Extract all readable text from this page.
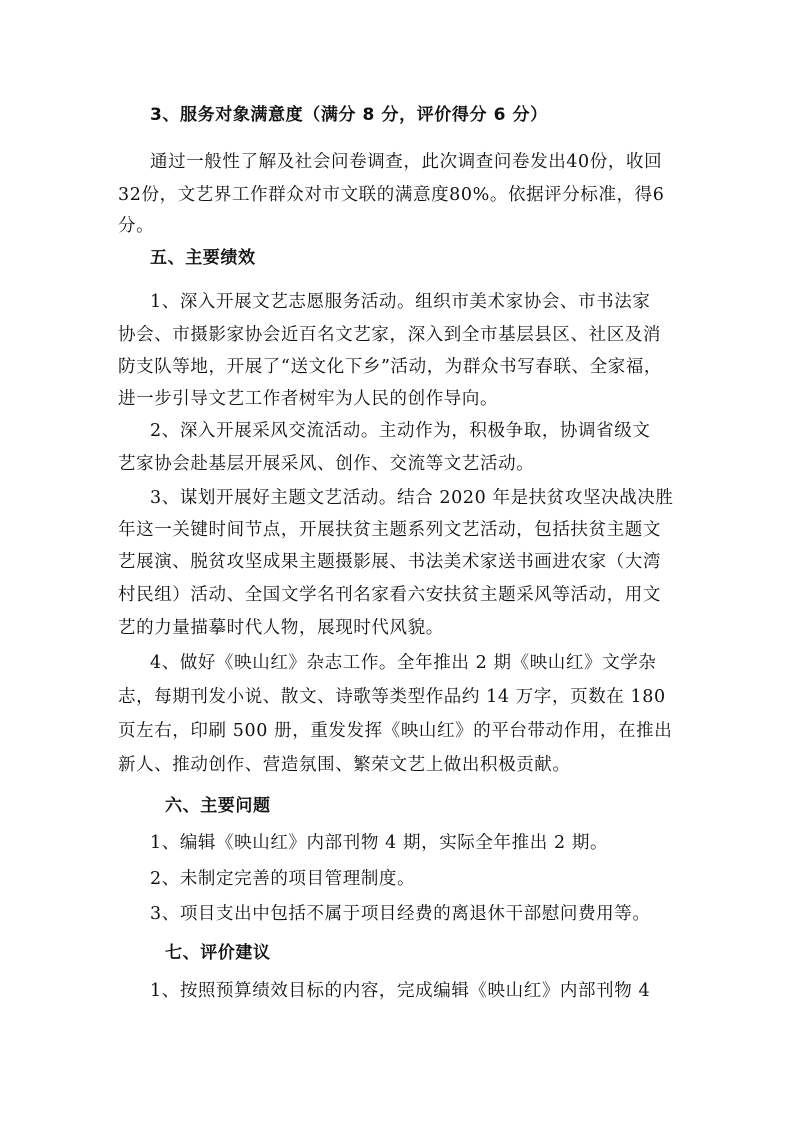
3、服务对象满意度（满分 8 分，评价得分 6 分）
通过一般性了解及社会问卷调查，此次调查问卷发出40份，收回
32份，文艺界工作群众对市文联的满意度80%。依据评分标准，得6
分。
五、主要绩效
1、深入开展文艺志愿服务活动。组织市美术家协会、市书法家
协会、市摄影家协会近百名文艺家，深入到全市基层县区、社区及消
防支队等地，开展了“送文化下乡”活动，为群众书写春联、全家福，
进一步引导文艺工作者树牢为人民的创作导向。
2、深入开展采风交流活动。主动作为，积极争取，协调省级文
艺家协会赴基层开展采风、创作、交流等文艺活动。
3、谋划开展好主题文艺活动。结合 2020 年是扶贫攻坚决战决胜
年这一关键时间节点，开展扶贫主题系列文艺活动，包括扶贫主题文
艺展演、脱贫攻坚成果主题摄影展、书法美术家送书画进农家（大湾
村民组）活动、全国文学名刊名家看六安扶贫主题采风等活动，用文
艺的力量描摹时代人物，展现时代风貌。
4、做好《映山红》杂志工作。全年推出 2 期《映山红》文学杂
志，每期刊发小说、散文、诗歌等类型作品约 14 万字，页数在 180
页左右，印刷 500 册，重发发挥《映山红》的平台带动作用，在推出
新人、推动创作、营造氛围、繁荣文艺上做出积极贡献。
六、主要问题
1、编辑《映山红》内部刊物 4 期，实际全年推出 2 期。
2、未制定完善的项目管理制度。
3、项目支出中包括不属于项目经费的离退休干部慰问费用等。
七、评价建议
1、按照预算绩效目标的内容，完成编辑《映山红》内部刊物 4
